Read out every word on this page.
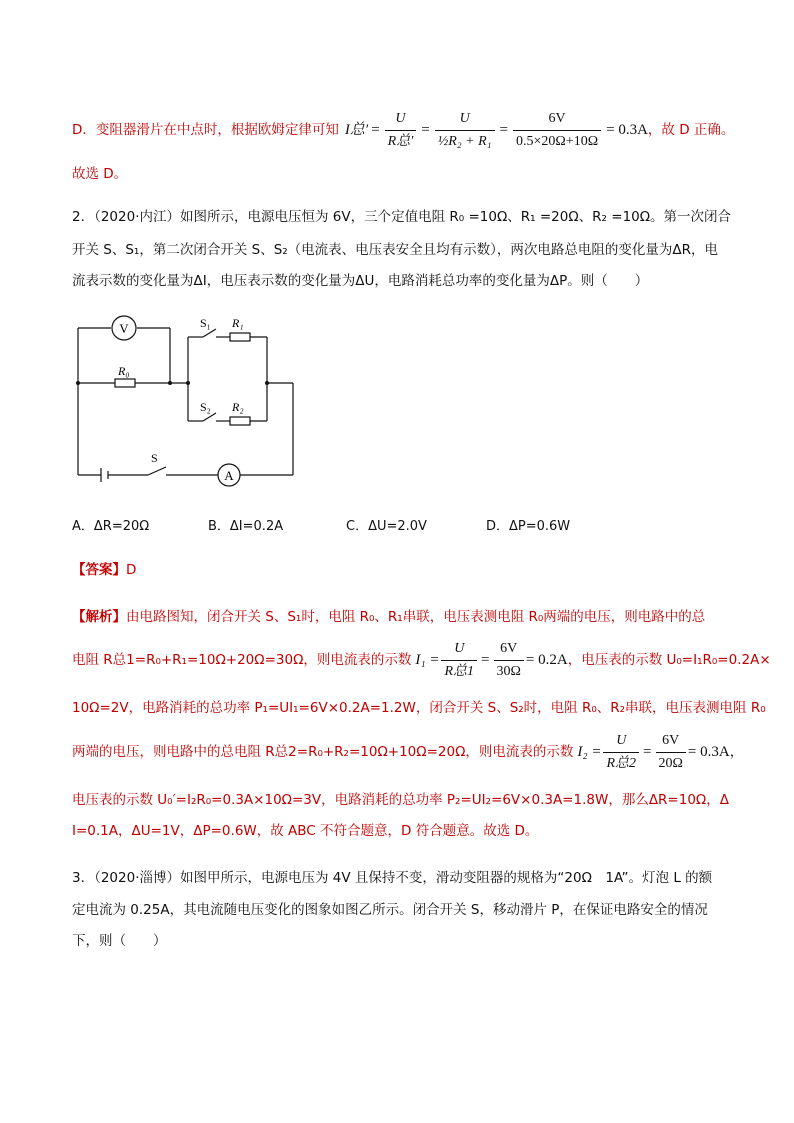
D．变阻器滑片在中点时，根据欧姆定律可知 I总′ = $\frac{U}{\text{R总′}} = \frac{U}{\text{½R₂ + R₁}} = \frac{6V}{0.5\times 20\Omega+10\Omega} = 0.3A$ ，故 D 正确。
故选 D。
2．（2020·内江）如图所示，电源电压恒为 6V，三个定值电阻 R₀ =10Ω、R₁ =20Ω、R₂ =10Ω。第一次闭合
开关 S、S₁，第二次闭合开关 S、S₂（电流表、电压表安全且均有示数），两次电路总电阻的变化量为ΔR，电
流表示数的变化量为ΔI，电压表示数的变化量为ΔU，电路消耗总功率的变化量为ΔP。则（　　）
V
A
R₀
R₁
R₂
S₁
S₂
S
A．ΔR=20Ω	B．ΔI=0.2A	C．ΔU=2.0V	D．ΔP=0.6W
【答案】D
【解析】由电路图知，闭合开关 S、S₁时，电阻 R₀、R₁串联，电压表测电阻 R₀两端的电压，则电路中的总
电阻 R总1=R₀+R₁=10Ω+20Ω=30Ω，则电流表的示数 $I_1 = \frac{U}{\text{R总1}} = \frac{6V}{30\Omega} = 0.2A$ ，电压表的示数 U₀=I₁R₀=0.2A×
10Ω=2V，电路消耗的总功率 P₁=UI₁=6V×0.2A=1.2W，闭合开关 S、S₂时，电阻 R₀、R₂串联，电压表测电阻 R₀
两端的电压，则电路中的总电阻 R总2=R₀+R₂=10Ω+10Ω=20Ω，则电流表的示数 $I_2 = \frac{U}{\text{R总2}} = \frac{6V}{20\Omega} = 0.3A$ ，
电压表的示数 U₀′=I₂R₀=0.3A×10Ω=3V，电路消耗的总功率 P₂=UI₂=6V×0.3A=1.8W，那么ΔR=10Ω，Δ
I=0.1A，ΔU=1V，ΔP=0.6W，故 ABC 不符合题意，D 符合题意。故选 D。
3．（2020·淄博）如图甲所示，电源电压为 4V 且保持不变，滑动变阻器的规格为“20Ω　1A”。灯泡 L 的额
定电流为 0.25A，其电流随电压变化的图象如图乙所示。闭合开关 S，移动滑片 P，在保证电路安全的情况
下，则（　　）
